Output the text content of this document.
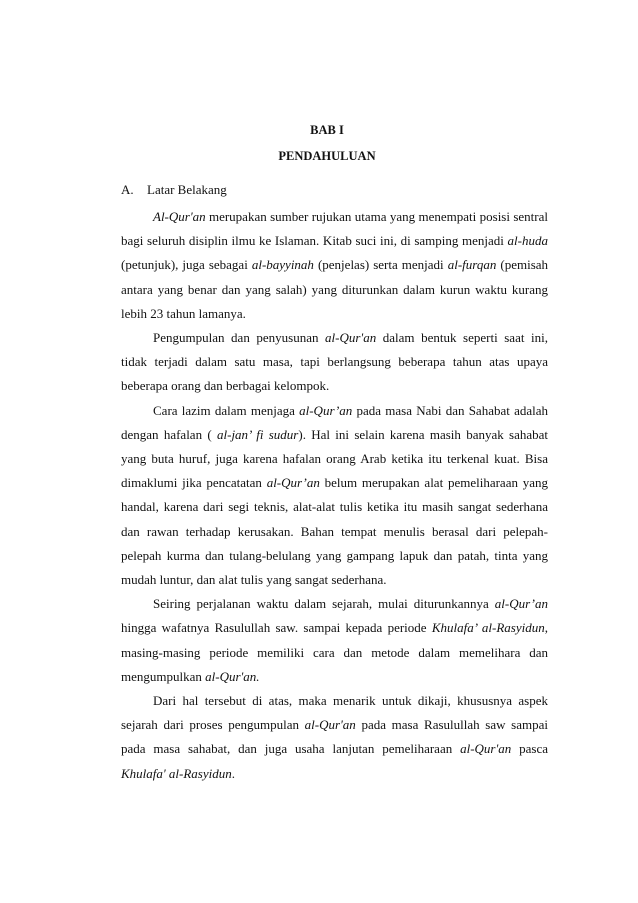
BAB I
PENDAHULUAN
A. Latar Belakang

Al-Qur'an merupakan sumber rujukan utama yang menempati posisi sentral bagi seluruh disiplin ilmu ke Islaman. Kitab suci ini, di samping menjadi al-huda (petunjuk), juga sebagai al-bayyinah (penjelas) serta menjadi al-furqan (pemisah antara yang benar dan yang salah) yang diturunkan dalam kurun waktu kurang lebih 23 tahun lamanya.

Pengumpulan dan penyusunan al-Qur'an dalam bentuk seperti saat ini, tidak terjadi dalam satu masa, tapi berlangsung beberapa tahun atas upaya beberapa orang dan berbagai kelompok.

Cara lazim dalam menjaga al-Qur’an pada masa Nabi dan Sahabat adalah dengan hafalan ( al-jan’ fi sudur). Hal ini selain karena masih banyak sahabat yang buta huruf, juga karena hafalan orang Arab ketika itu terkenal kuat. Bisa dimaklumi jika pencatatan al-Qur’an belum merupakan alat pemeliharaan yang handal, karena dari segi teknis, alat-alat tulis ketika itu masih sangat sederhana dan rawan terhadap kerusakan. Bahan tempat menulis berasal dari pelepah-pelepah kurma dan tulang-belulang yang gampang lapuk dan patah, tinta yang mudah luntur, dan alat tulis yang sangat sederhana.

Seiring perjalanan waktu dalam sejarah, mulai diturunkannya al-Qur’an hingga wafatnya Rasulullah saw. sampai kepada periode Khulafa’ al-Rasyidun, masing-masing periode memiliki cara dan metode dalam memelihara dan mengumpulkan al-Qur'an.

Dari hal tersebut di atas, maka menarik untuk dikaji, khususnya aspek sejarah dari proses pengumpulan al-Qur'an pada masa Rasulullah saw sampai pada masa sahabat, dan juga usaha lanjutan pemeliharaan al-Qur'an pasca Khulafa' al-Rasyidun.
